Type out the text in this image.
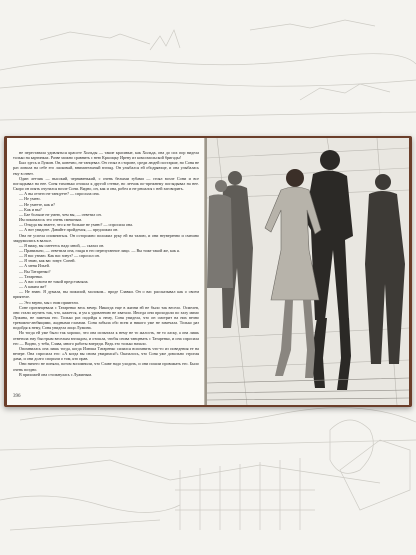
не переставала удивляться красоте Хильды — такие красивые, как Хильда, она до сих пор видела только на картинках. Разве можно сравнить с нею Красицку Ирену из комсомольской бригады!

Был здесь и Лужин. Он, конечно, не танцевал. Он стоял в стороне, среди людей постарше, но Соня не раз ловила на себе его ласковый, внимательный взгляд. Он улыбался ей ободряюще, и она улыбалась ему в ответ.

Один летчик — высокий, чернявенький, с очень белыми зубами — стоял возле Сони и все поглядывал на нее. Соня тихонько отошла к другой стенке, но летчик по-прежнему поглядывал на нее. Скоро он опять очутился возле Сони. Видно, он, как и она, робел и не решался с ней заговорить.

— А вы отчего не танцуете? — спросила она.

— Не умею.

— Не умеете, как и?

— Как и вы?

— Бае больше не умею, чем вы, — ответил он.

Им показалось это очень смешным.

— Откуда вы знаете, что я не больше не умею? — спросила она.

— А вот увидите. Давайте пройдемся, — предложил он.

Она не успела опомниться. Он осторожно положил руку ей на талию, и они неуверенно и смешно закружились в вальсе.

— Я вижу, вы смеетесь надо мной, — сказал он.

— Правильно, — ответила она, глядя в его перепуганное лицо. — Вы тоже такой же, как я.

— Я вас узнаю. Как вас зовут? — спросил он.

— Я знаю, как вас зовут. Соней.

— А меня Ильей.

— Вы Татаренко?

— Татаренко.

— А вас совсем не такой представляла.

— А каким же?

— Не знаю. Я думала, вы пожилой, молоком... вроде Славки. Он о вас рассказывал как о своем приятеле.

— Это верно, мы с ним приятели.

Соне протанцевала с Татаренко весь вечер. Никогда еще в жизни ей не было так весело. Осмелев, они стали шутить так, что, кажется, и ум к удивлению не хватало. Иногда они проходили по залу мимо Лужина, не замечая его. Только раз подойдя к нему, Соня увидела, что он смотрит на них вечно тревожно-любящими, жадными глазами. Соня забыла обо всем и никого уже не замечала. Только раз подойдя к нему, Соня увидела лицо Лужина.

Но тогда ей уже было так хорошо, что она испытала к нему не то жалость, не то ласку, а она лишь ответила ему быстрым веселым взглядом, и отошла, чтобы снова танцевать с Татаренко, и она спросила его — Видно, у тебя, Слава, много работы впереди. Ведь это только начало.

Опомнилась она лишь тогда, когда Илюша Татаренко силился вспомнить что-то из поведения ее на вечере. Она спросила его: «А когда вы снова увидимся?» Оказалось, что Соня уже довольно строгая дама, и они долго спорили о том, кто прав.

Они ничего не поняли, потом вспомнили, что Славе надо уходить, и они пошли провожать его. Было очень поздно.

В прихожей она столкнулась с Лужиным.

396
